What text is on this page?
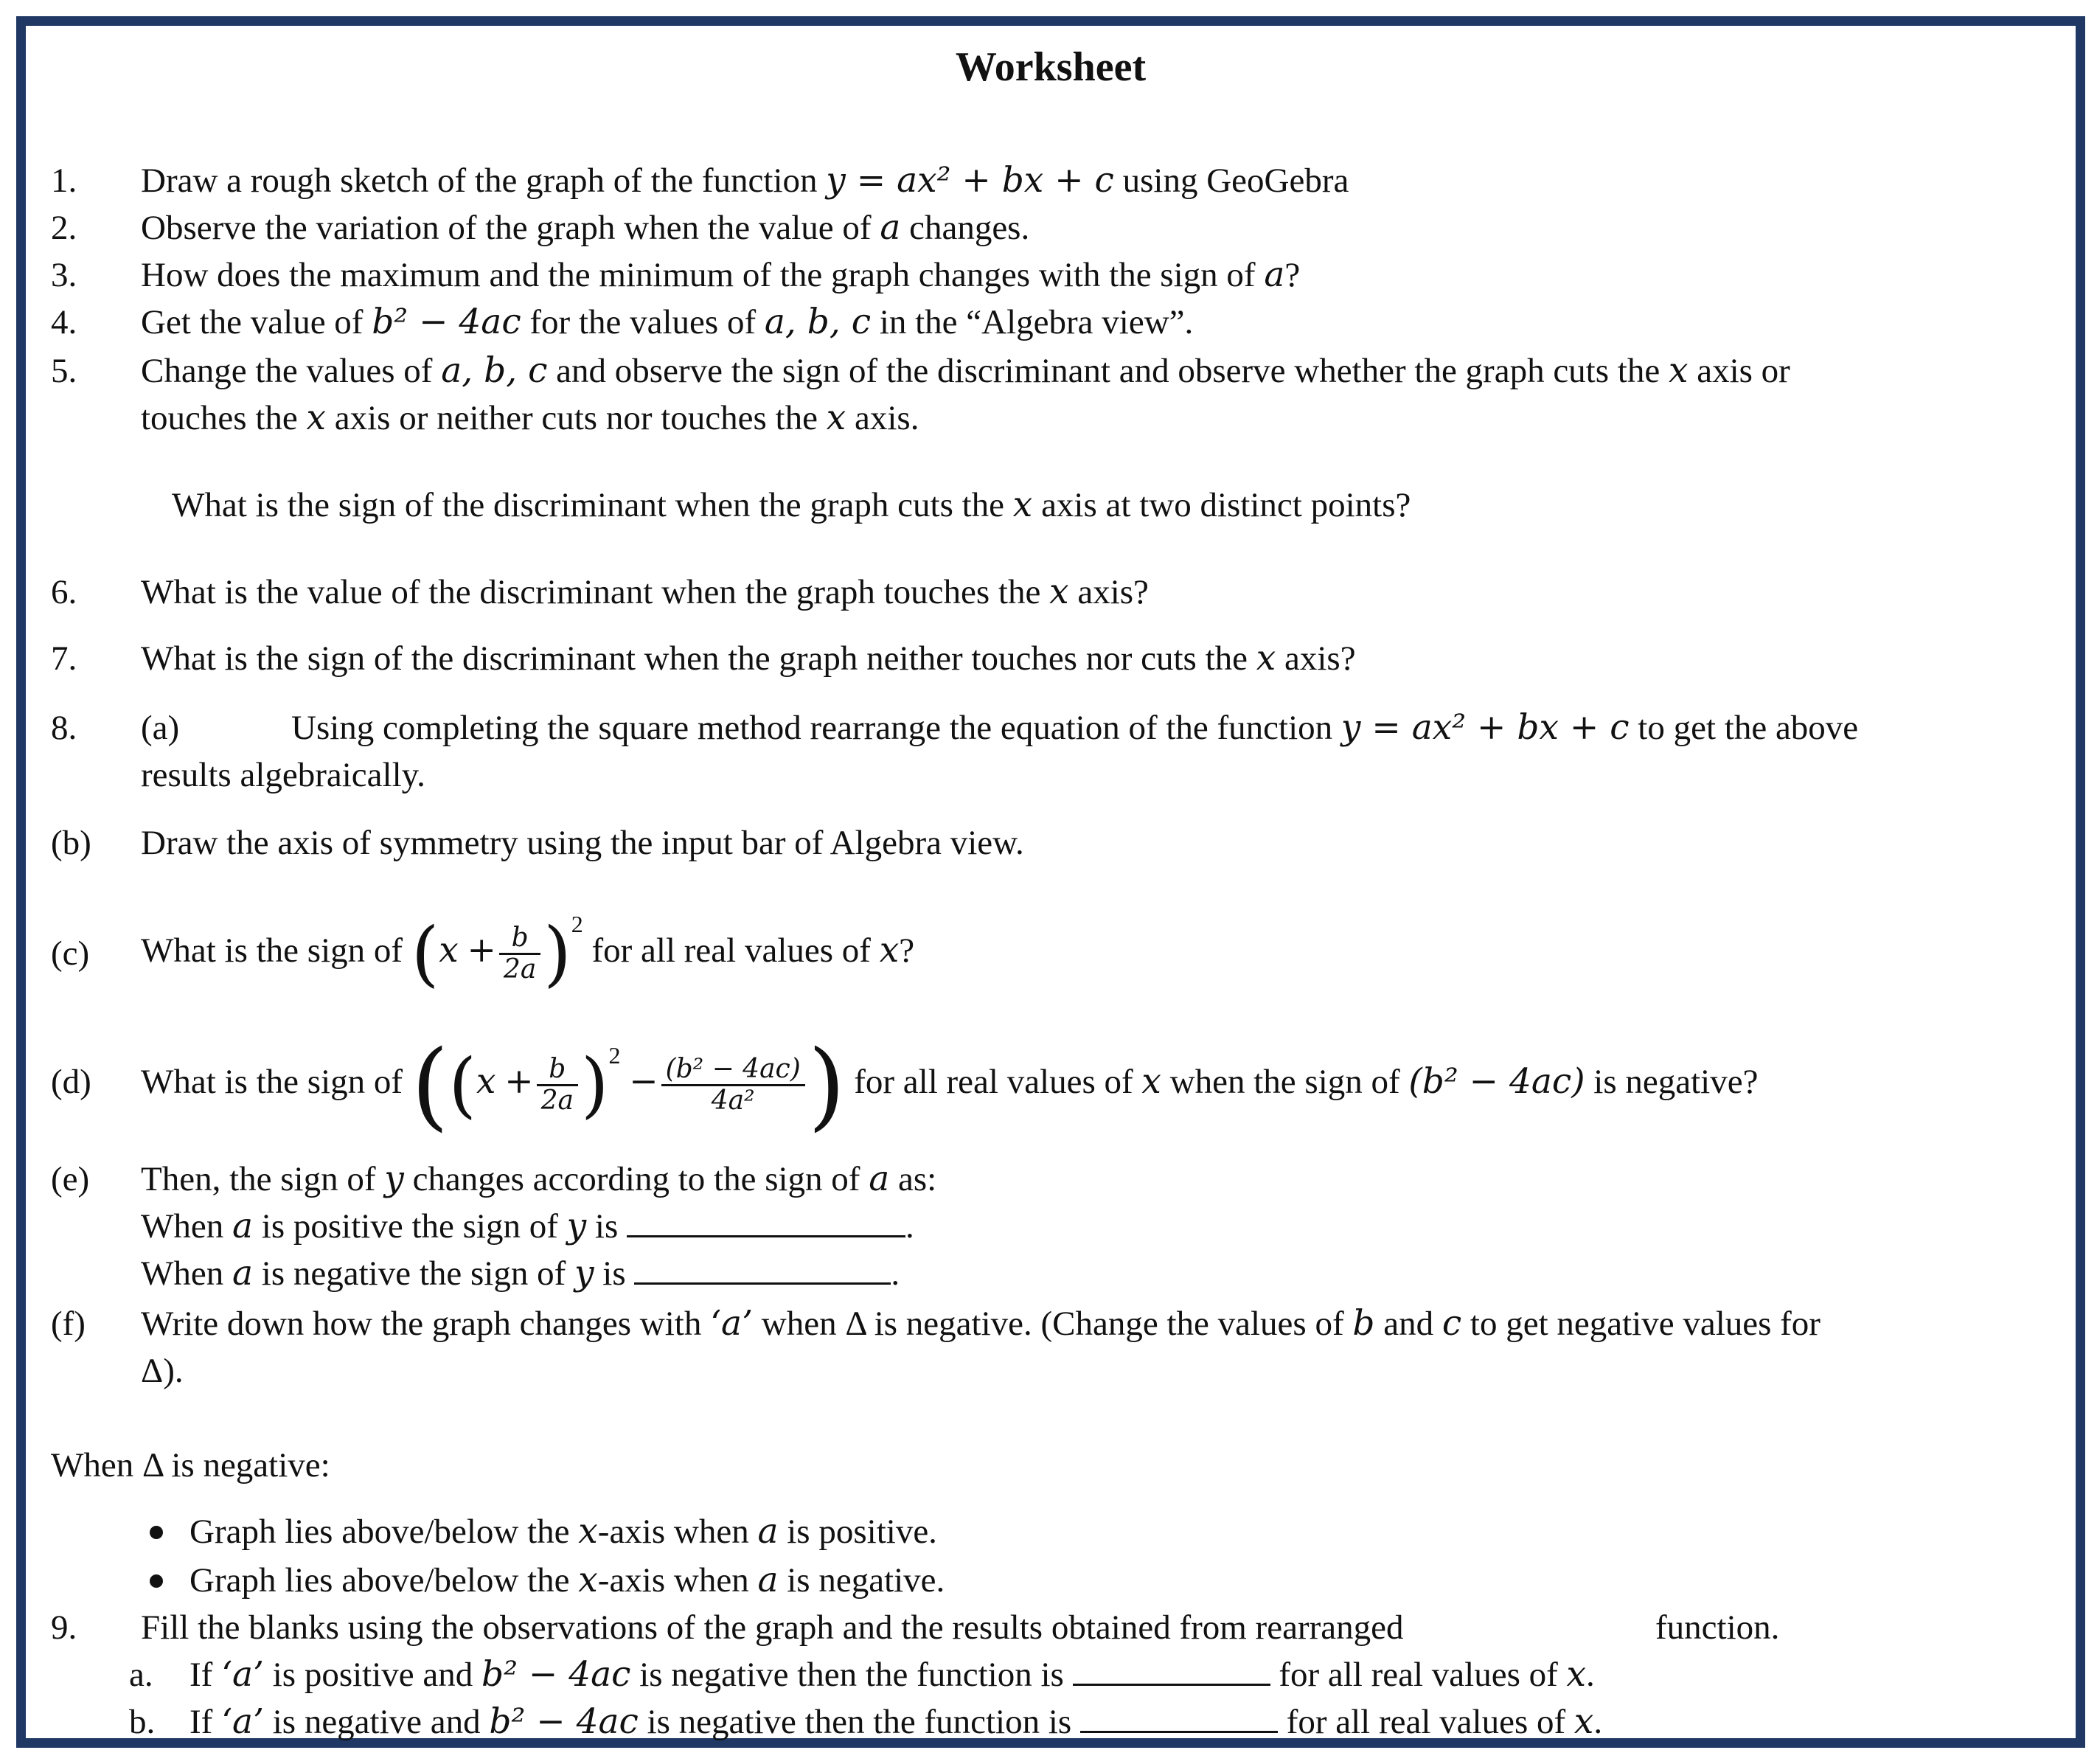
Worksheet
1. Draw a rough sketch of the graph of the function y = ax² + bx + c using GeoGebra
2. Observe the variation of the graph when the value of a changes.
3. How does the maximum and the minimum of the graph changes with the sign of a?
4. Get the value of b² − 4ac for the values of a, b, c in the “Algebra view”.
5. Change the values of a, b, c and observe the sign of the discriminant and observe whether the graph cuts the x axis or
touches the x axis or neither cuts nor touches the x axis.
What is the sign of the discriminant when the graph cuts the x axis at two distinct points?
6. What is the value of the discriminant when the graph touches the x axis?
7. What is the sign of the discriminant when the graph neither touches nor cuts the x axis?
8. (a)	Using completing the square method rearrange the equation of the function y = ax² + bx + c to get the above
results algebraically.
(b) Draw the axis of symmetry using the input bar of Algebra view.
(c) What is the sign of $(x + \frac{b}{2a} )^2$ for all real values of x?
(d) What is the sign of ($(x + \frac{b}{2a} )^2 - \frac{\text{(b² − 4ac)}}{\text{4a²}}$ ) for all real values of x when the sign of (b² − 4ac) is negative?
(e) Then, the sign of y changes according to the sign of a as:
When a is positive the sign of y is	.
When a is negative the sign of y is	.
(f) Write down how the graph changes with ‘a’ when Δ is negative. (Change the values of b and c to get negative values for
Δ).
When Δ is negative:
Graph lies above/below the x-axis when a is positive.
Graph lies above/below the x-axis when a is negative.
9. Fill the blanks using the observations of the graph and the results obtained from rearranged	function.
a. If ‘a’ is positive and b² − 4ac is negative then the function is	for all real values of x.
b. If ‘a’ is negative and b² − 4ac is negative then the function is	for all real values of x.
